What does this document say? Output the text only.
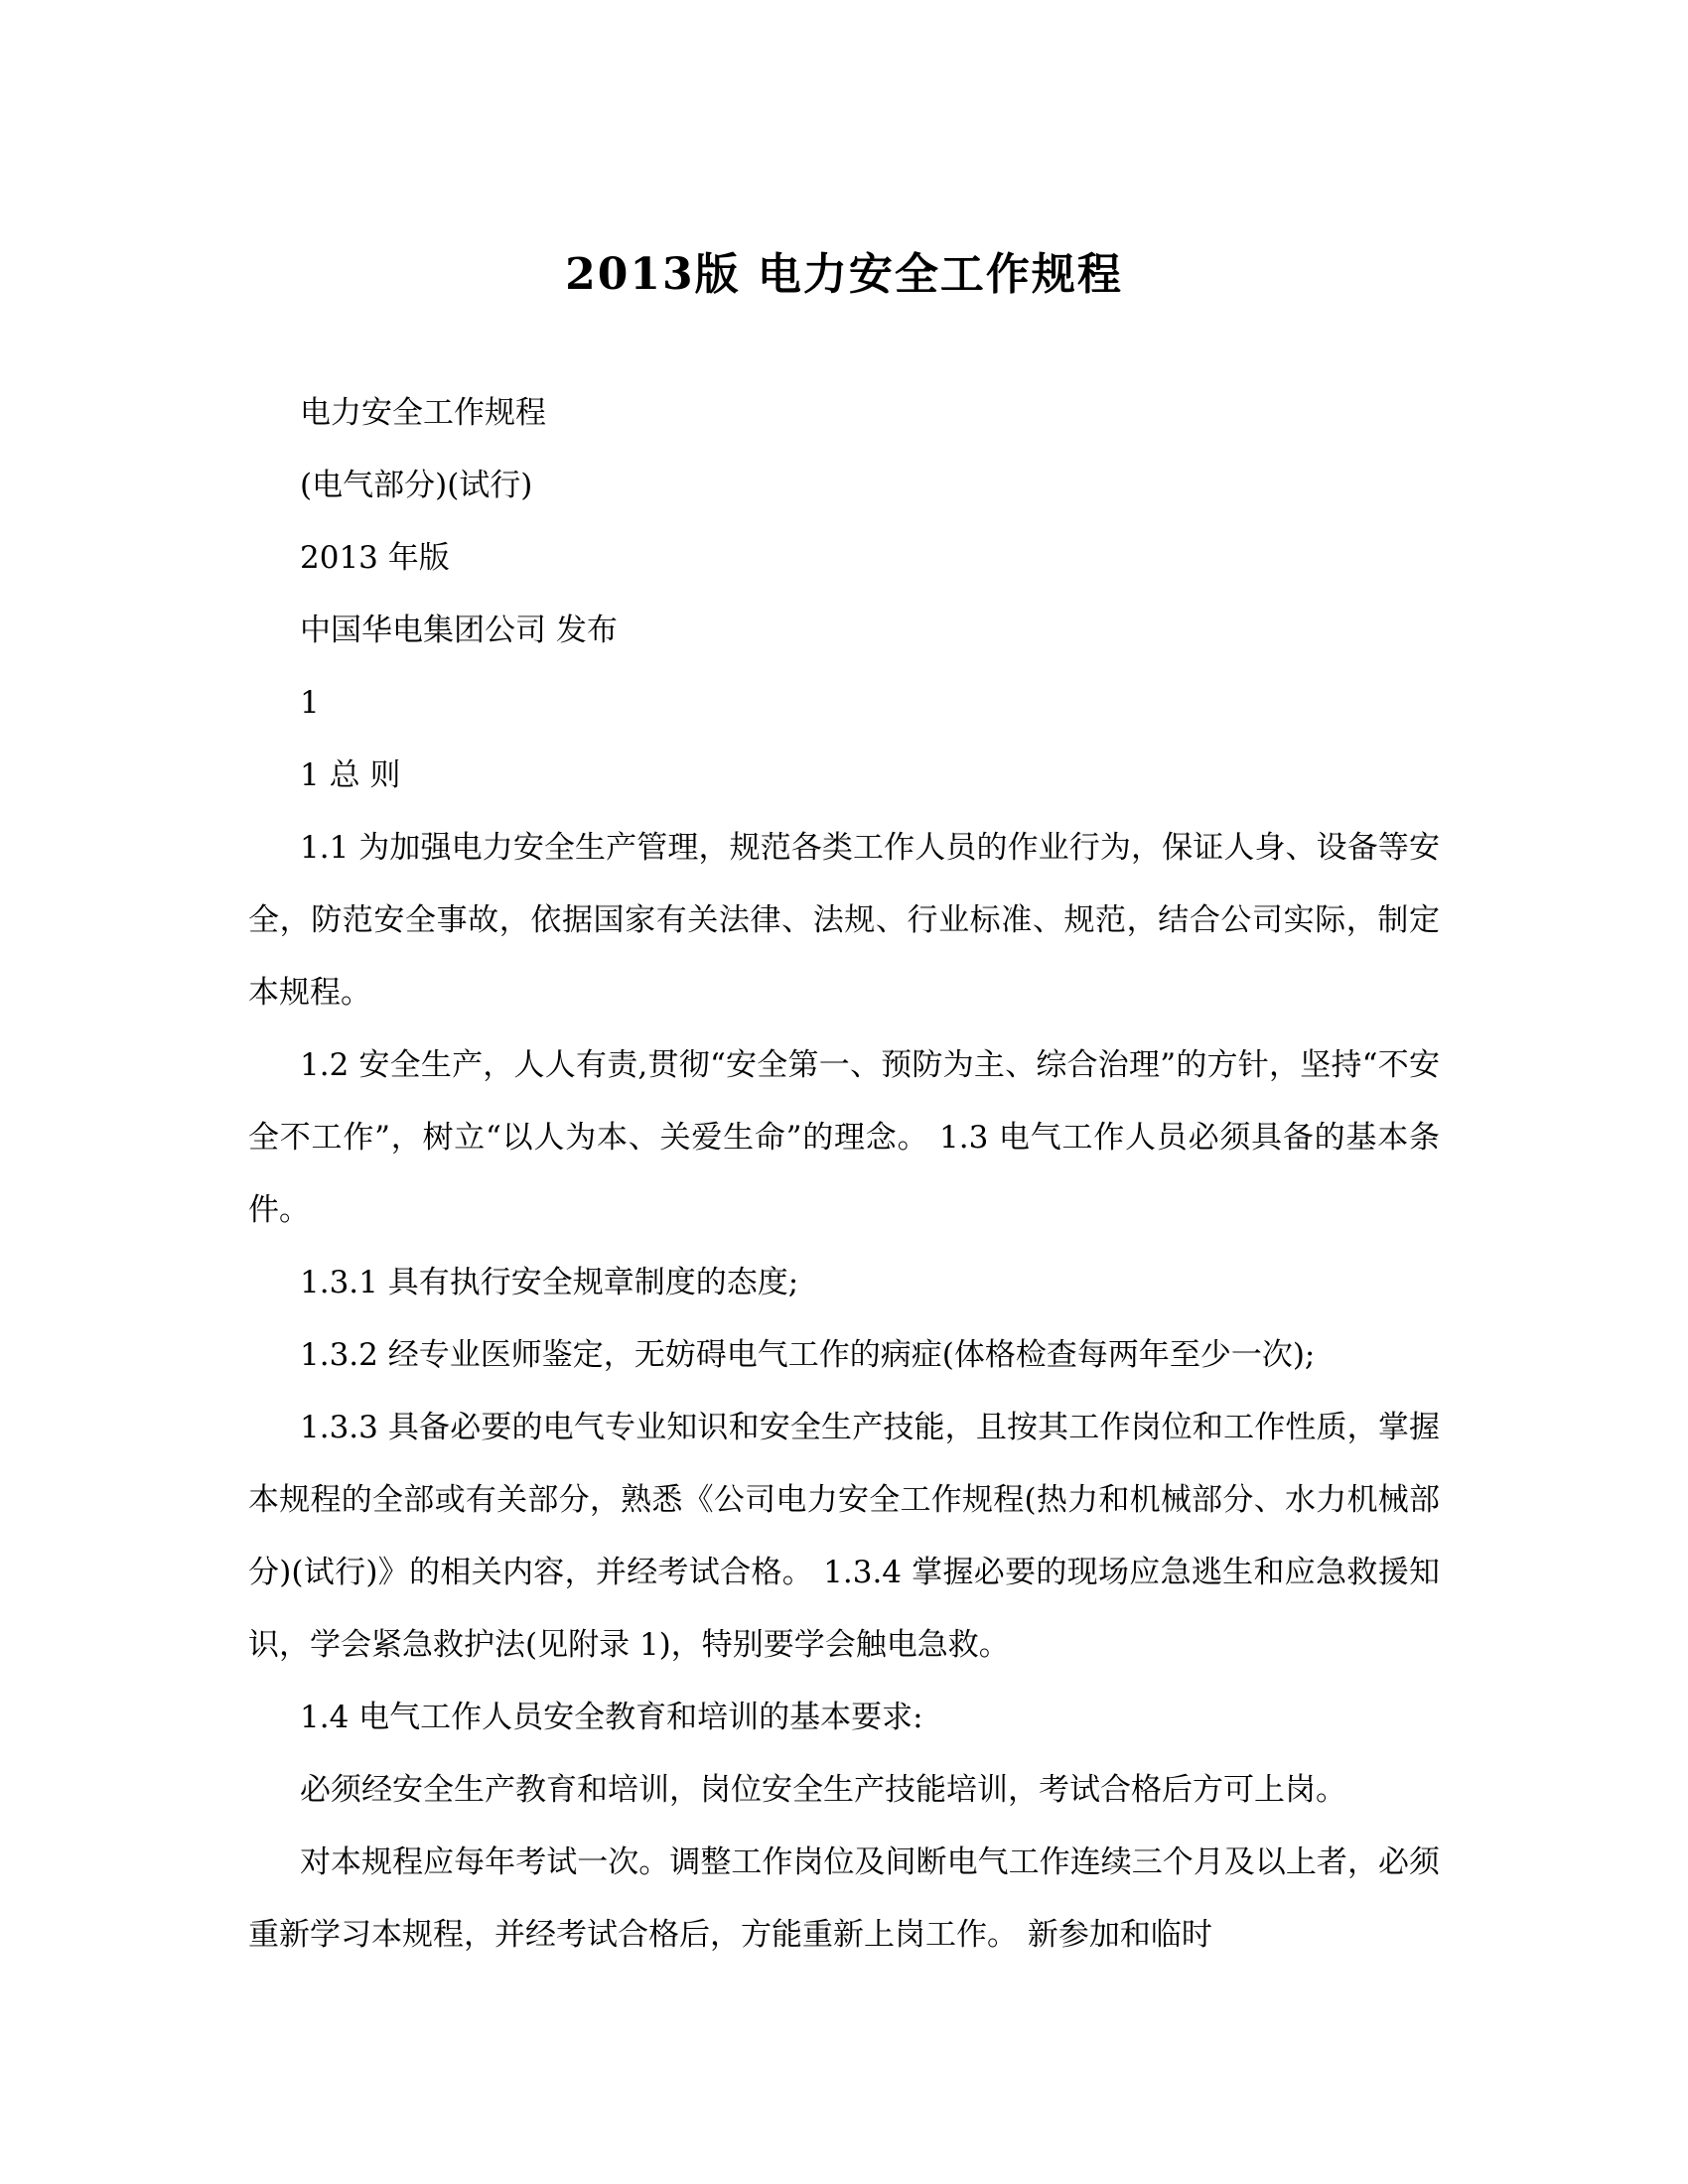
2013版 电力安全工作规程

电力安全工作规程

(电气部分)(试行)

2013 年版

中国华电集团公司 发布

1

1 总 则

1.1 为加强电力安全生产管理，规范各类工作人员的作业行为，保证人身、设备等安全，防范安全事故，依据国家有关法律、法规、行业标准、规范，结合公司实际，制定本规程。

1.2 安全生产，人人有责,贯彻“安全第一、预防为主、综合治理”的方针，坚持“不安全不工作”，树立“以人为本、关爱生命”的理念。 1.3 电气工作人员必须具备的基本条件。

1.3.1 具有执行安全规章制度的态度;

1.3.2 经专业医师鉴定，无妨碍电气工作的病症(体格检查每两年至少一次);

1.3.3 具备必要的电气专业知识和安全生产技能，且按其工作岗位和工作性质，掌握本规程的全部或有关部分，熟悉《公司电力安全工作规程(热力和机械部分、水力机械部分)(试行)》的相关内容，并经考试合格。 1.3.4 掌握必要的现场应急逃生和应急救援知识，学会紧急救护法(见附录 1)，特别要学会触电急救。

1.4 电气工作人员安全教育和培训的基本要求:

必须经安全生产教育和培训，岗位安全生产技能培训，考试合格后方可上岗。

对本规程应每年考试一次。调整工作岗位及间断电气工作连续三个月及以上者，必须重新学习本规程，并经考试合格后，方能重新上岗工作。 新参加和临时
